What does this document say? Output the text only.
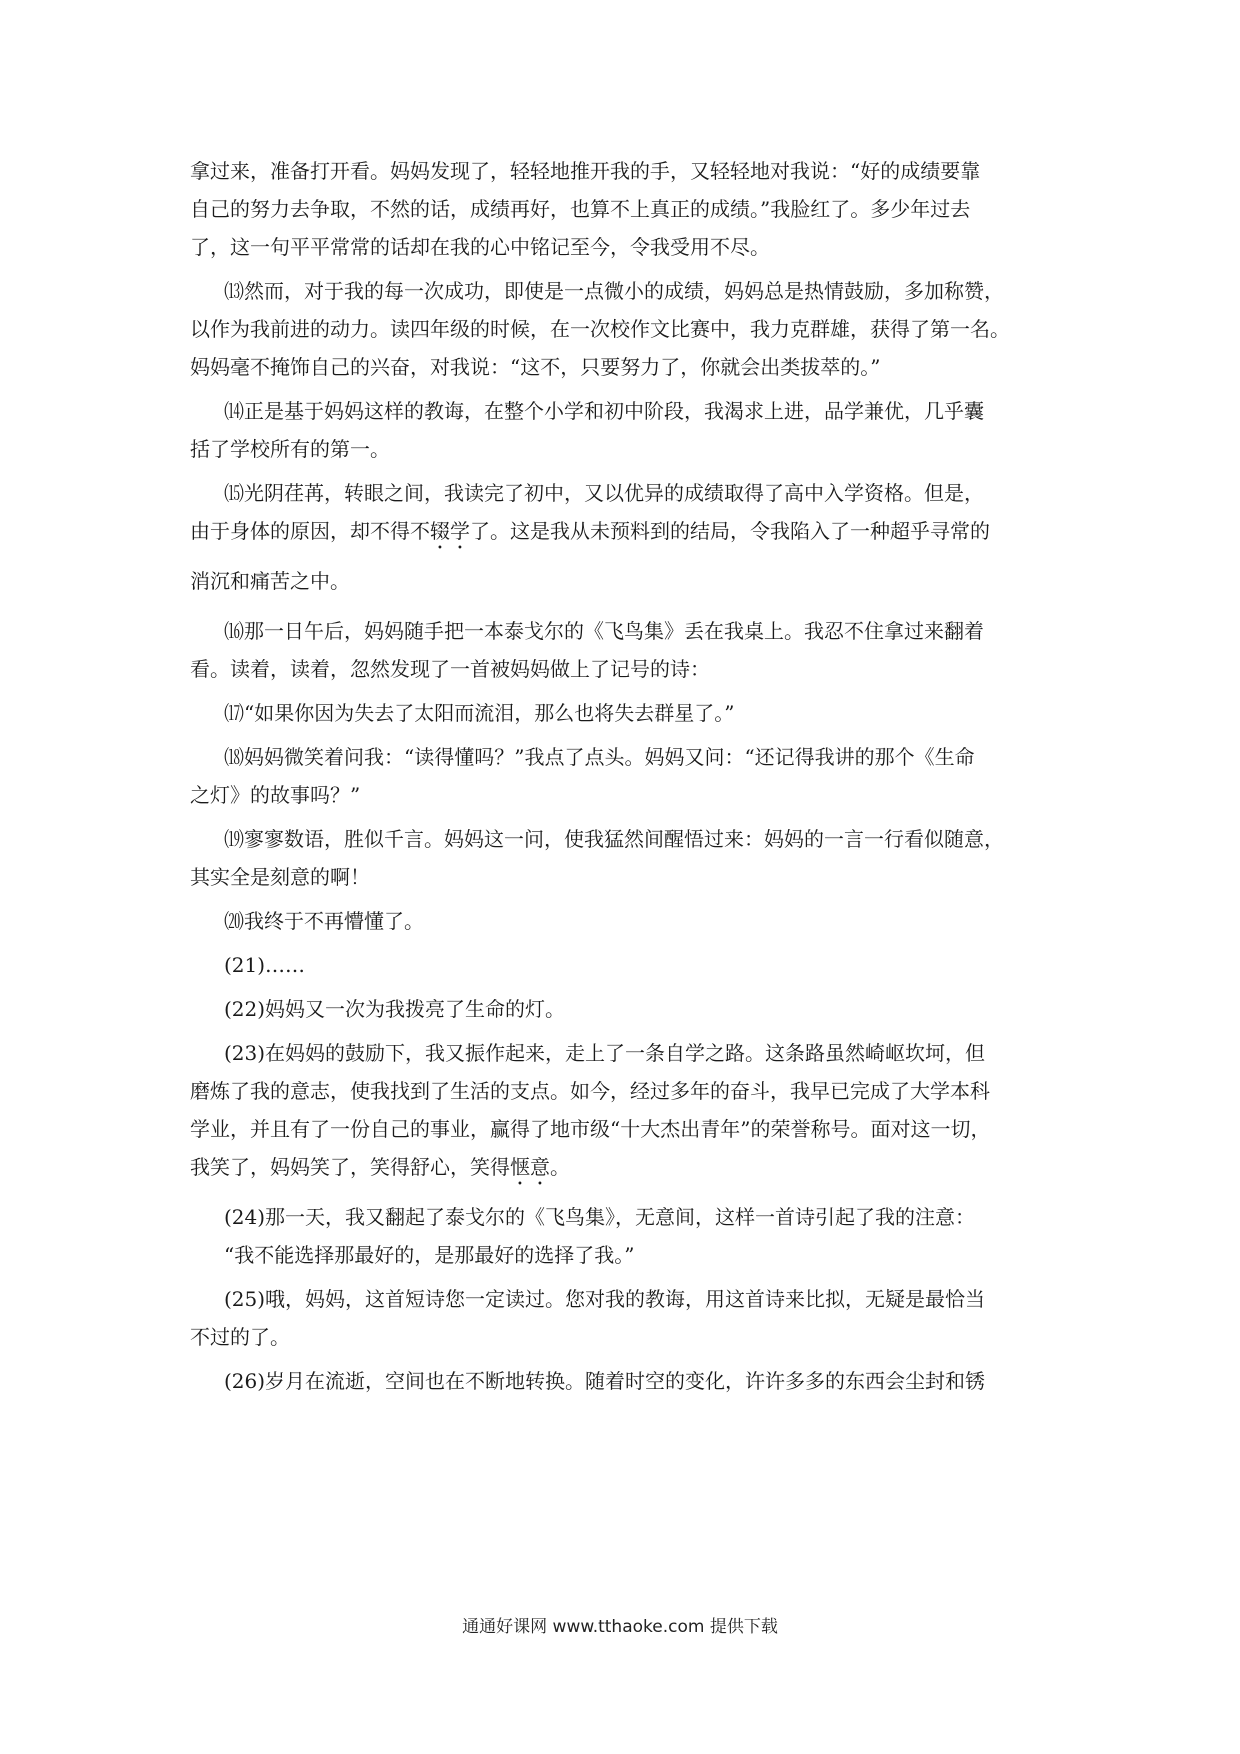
拿过来，准备打开看。妈妈发现了，轻轻地推开我的手，又轻轻地对我说：“好的成绩要靠
自己的努力去争取，不然的话，成绩再好，也算不上真正的成绩。”我脸红了。多少年过去
了，这一句平平常常的话却在我的心中铭记至今，令我受用不尽。
⒀然而，对于我的每一次成功，即使是一点微小的成绩，妈妈总是热情鼓励，多加称赞，
以作为我前进的动力。读四年级的时候，在一次校作文比赛中，我力克群雄，获得了第一名。
妈妈毫不掩饰自己的兴奋，对我说：“这不，只要努力了，你就会出类拔萃的。”
⒁正是基于妈妈这样的教诲，在整个小学和初中阶段，我渴求上进，品学兼优，几乎囊
括了学校所有的第一。
⒂光阴荏苒，转眼之间，我读完了初中，又以优异的成绩取得了高中入学资格。但是，
由于身体的原因，却不得不辍学了。这是我从未预料到的结局，令我陷入了一种超乎寻常的
消沉和痛苦之中。
⒃那一日午后，妈妈随手把一本泰戈尔的《飞鸟集》丢在我桌上。我忍不住拿过来翻着
看。读着，读着，忽然发现了一首被妈妈做上了记号的诗：
⒄“如果你因为失去了太阳而流泪，那么也将失去群星了。”
⒅妈妈微笑着问我：“读得懂吗？”我点了点头。妈妈又问：“还记得我讲的那个《生命
之灯》的故事吗？”
⒆寥寥数语，胜似千言。妈妈这一问，使我猛然间醒悟过来：妈妈的一言一行看似随意，
其实全是刻意的啊！
⒇我终于不再懵懂了。
(21)……
(22)妈妈又一次为我拨亮了生命的灯。
(23)在妈妈的鼓励下，我又振作起来，走上了一条自学之路。这条路虽然崎岖坎坷，但
磨炼了我的意志，使我找到了生活的支点。如今，经过多年的奋斗，我早已完成了大学本科
学业，并且有了一份自己的事业，赢得了地市级“十大杰出青年”的荣誉称号。面对这一切，
我笑了，妈妈笑了，笑得舒心，笑得惬意。
(24)那一天，我又翻起了泰戈尔的《飞鸟集》，无意间，这样一首诗引起了我的注意：
“我不能选择那最好的，是那最好的选择了我。”
(25)哦，妈妈，这首短诗您一定读过。您对我的教诲，用这首诗来比拟，无疑是最恰当
不过的了。
(26)岁月在流逝，空间也在不断地转换。随着时空的变化，许许多多的东西会尘封和锈
通通好课网 www.tthaoke.com 提供下载
